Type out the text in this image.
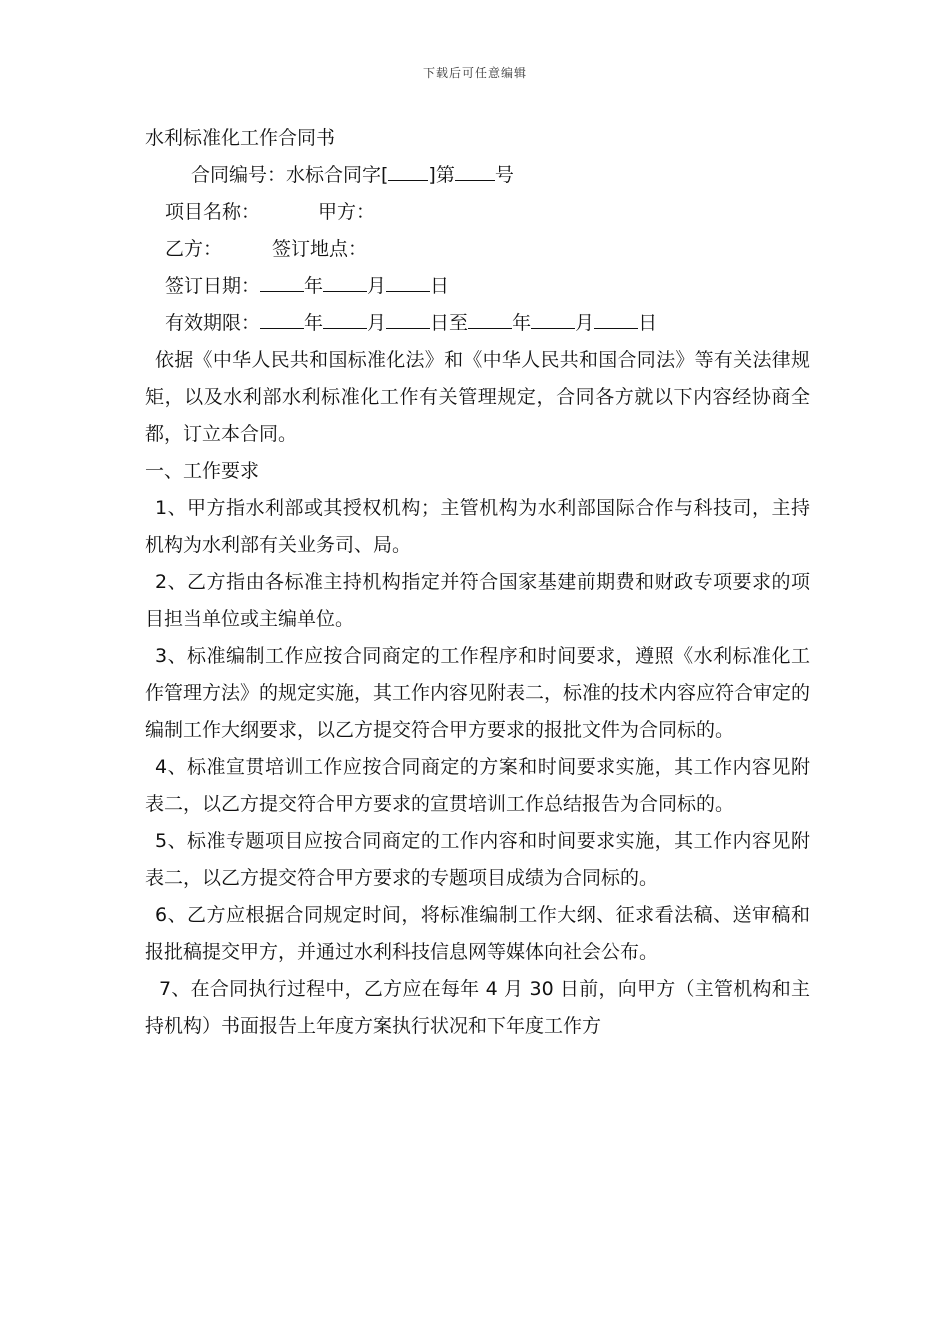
下载后可任意编辑
水利标准化工作合同书
合同编号：水标合同字[ ]第 号
项目名称：	甲方：
乙方：	签订地点：
签订日期： 年 月 日
有效期限： 年 月 日至 年 月 日
依据《中华人民共和国标准化法》和《中华人民共和国合同法》等有关法律规矩，以及水利部水利标准化工作有关管理规定，合同各方就以下内容经协商全都，订立本合同。
一、工作要求
1、甲方指水利部或其授权机构；主管机构为水利部国际合作与科技司，主持机构为水利部有关业务司、局。
2、乙方指由各标准主持机构指定并符合国家基建前期费和财政专项要求的项目担当单位或主编单位。
3、标准编制工作应按合同商定的工作程序和时间要求，遵照《水利标准化工作管理方法》的规定实施，其工作内容见附表二，标准的技术内容应符合审定的编制工作大纲要求，以乙方提交符合甲方要求的报批文件为合同标的。
4、标准宣贯培训工作应按合同商定的方案和时间要求实施，其工作内容见附表二，以乙方提交符合甲方要求的宣贯培训工作总结报告为合同标的。
5、标准专题项目应按合同商定的工作内容和时间要求实施，其工作内容见附表二，以乙方提交符合甲方要求的专题项目成绩为合同标的。
6、乙方应根据合同规定时间，将标准编制工作大纲、征求看法稿、送审稿和报批稿提交甲方，并通过水利科技信息网等媒体向社会公布。
7、在合同执行过程中，乙方应在每年 4 月 30 日前，向甲方（主管机构和主持机构）书面报告上年度方案执行状况和下年度工作方
